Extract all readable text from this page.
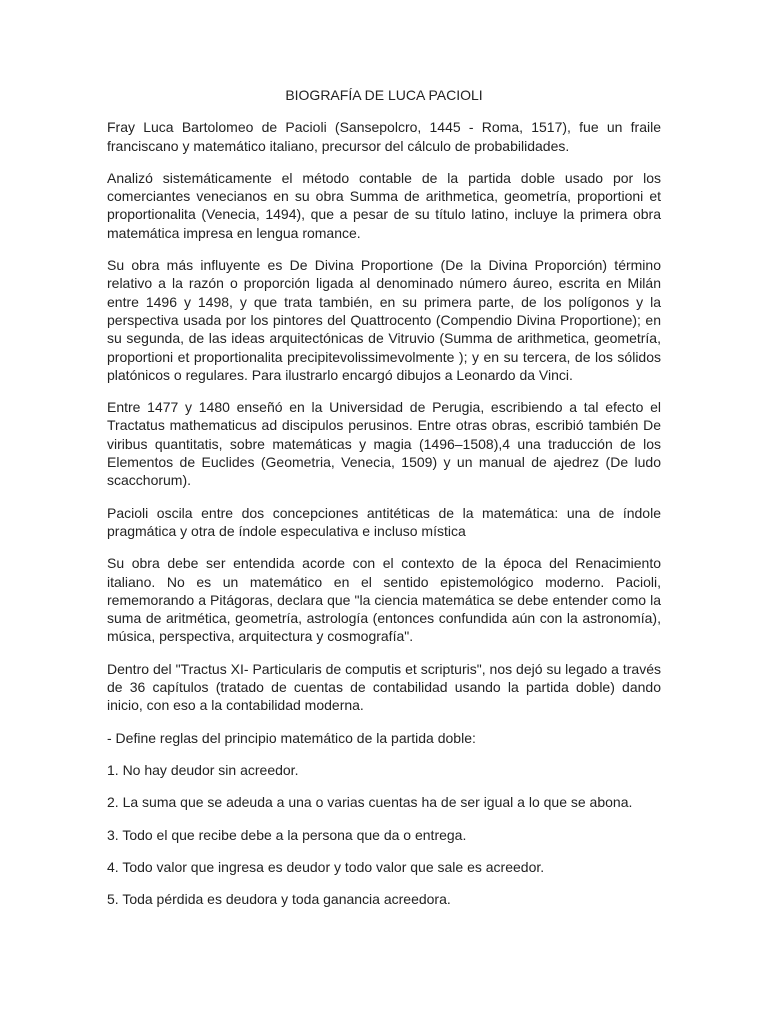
BIOGRAFÍA DE LUCA PACIOLI
Fray Luca Bartolomeo de Pacioli (Sansepolcro, 1445 - Roma, 1517), fue un fraile franciscano y matemático italiano, precursor del cálculo de probabilidades.
Analizó sistemáticamente el método contable de la partida doble usado por los comerciantes venecianos en su obra Summa de arithmetica, geometría, proportioni et proportionalita (Venecia, 1494), que a pesar de su título latino, incluye la primera obra matemática impresa en lengua romance.
Su obra más influyente es De Divina Proportione (De la Divina Proporción) término relativo a la razón o proporción ligada al denominado número áureo, escrita en Milán entre 1496 y 1498, y que trata también, en su primera parte, de los polígonos y la perspectiva usada por los pintores del Quattrocento (Compendio Divina Proportione); en su segunda, de las ideas arquitectónicas de Vitruvio (Summa de arithmetica, geometría, proportioni et proportionalita precipitevolissimevolmente ); y en su tercera, de los sólidos platónicos o regulares. Para ilustrarlo encargó dibujos a Leonardo da Vinci.
Entre 1477 y 1480 enseñó en la Universidad de Perugia, escribiendo a tal efecto el Tractatus mathematicus ad discipulos perusinos. Entre otras obras, escribió también De viribus quantitatis, sobre matemáticas y magia (1496–1508),4 una traducción de los Elementos de Euclides (Geometria, Venecia, 1509) y un manual de ajedrez (De ludo scacchorum).
Pacioli oscila entre dos concepciones antitéticas de la matemática: una de índole pragmática y otra de índole especulativa e incluso mística
Su obra debe ser entendida acorde con el contexto de la época del Renacimiento italiano. No es un matemático en el sentido epistemológico moderno. Pacioli, rememorando a Pitágoras, declara que "la ciencia matemática se debe entender como la suma de aritmética, geometría, astrología (entonces confundida aún con la astronomía), música, perspectiva, arquitectura y cosmografía".
Dentro del "Tractus XI- Particularis de computis et scripturis", nos dejó su legado a través de 36 capítulos (tratado de cuentas de contabilidad usando la partida doble) dando inicio, con eso a la contabilidad moderna.
- Define reglas del principio matemático de la partida doble:
1. No hay deudor sin acreedor.
2. La suma que se adeuda a una o varias cuentas ha de ser igual a lo que se abona.
3. Todo el que recibe debe a la persona que da o entrega.
4. Todo valor que ingresa es deudor y todo valor que sale es acreedor.
5. Toda pérdida es deudora y toda ganancia acreedora.
